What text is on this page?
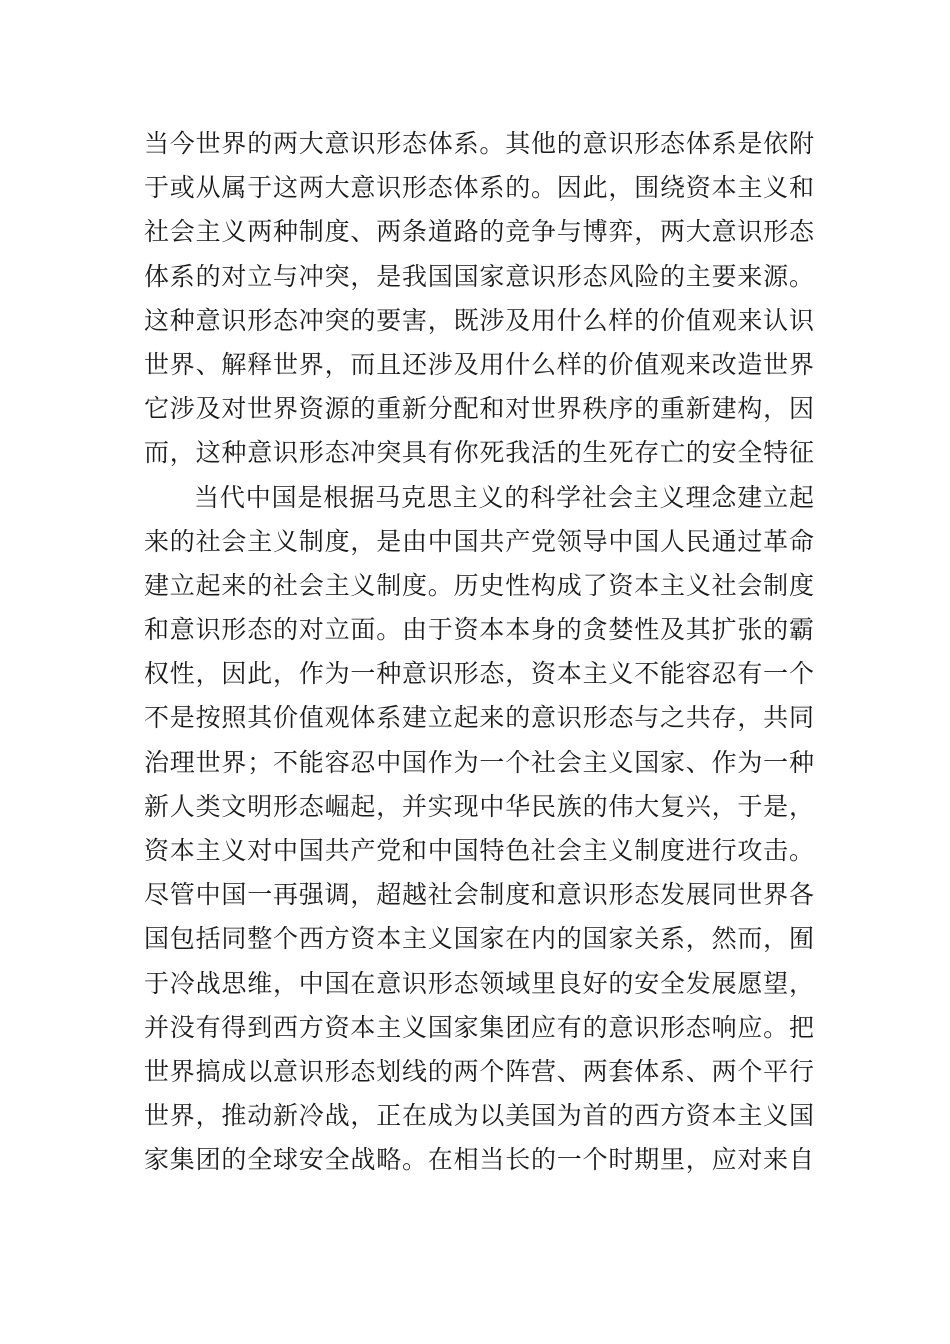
当今世界的两大意识形态体系。其他的意识形态体系是依附
于或从属于这两大意识形态体系的。因此，围绕资本主义和
社会主义两种制度、两条道路的竞争与博弈，两大意识形态
体系的对立与冲突，是我国国家意识形态风险的主要来源。
这种意识形态冲突的要害，既涉及用什么样的价值观来认识
世界、解释世界，而且还涉及用什么样的价值观来改造世界
它涉及对世界资源的重新分配和对世界秩序的重新建构，因
而，这种意识形态冲突具有你死我活的生死存亡的安全特征
当代中国是根据马克思主义的科学社会主义理念建立起
来的社会主义制度，是由中国共产党领导中国人民通过革命
建立起来的社会主义制度。历史性构成了资本主义社会制度
和意识形态的对立面。由于资本本身的贪婪性及其扩张的霸
权性，因此，作为一种意识形态，资本主义不能容忍有一个
不是按照其价值观体系建立起来的意识形态与之共存，共同
治理世界；不能容忍中国作为一个社会主义国家、作为一种
新人类文明形态崛起，并实现中华民族的伟大复兴，于是，
资本主义对中国共产党和中国特色社会主义制度进行攻击。
尽管中国一再强调，超越社会制度和意识形态发展同世界各
国包括同整个西方资本主义国家在内的国家关系，然而，囿
于冷战思维，中国在意识形态领域里良好的安全发展愿望，
并没有得到西方资本主义国家集团应有的意识形态响应。把
世界搞成以意识形态划线的两个阵营、两套体系、两个平行
世界，推动新冷战，正在成为以美国为首的西方资本主义国
家集团的全球安全战略。在相当长的一个时期里，应对来自
